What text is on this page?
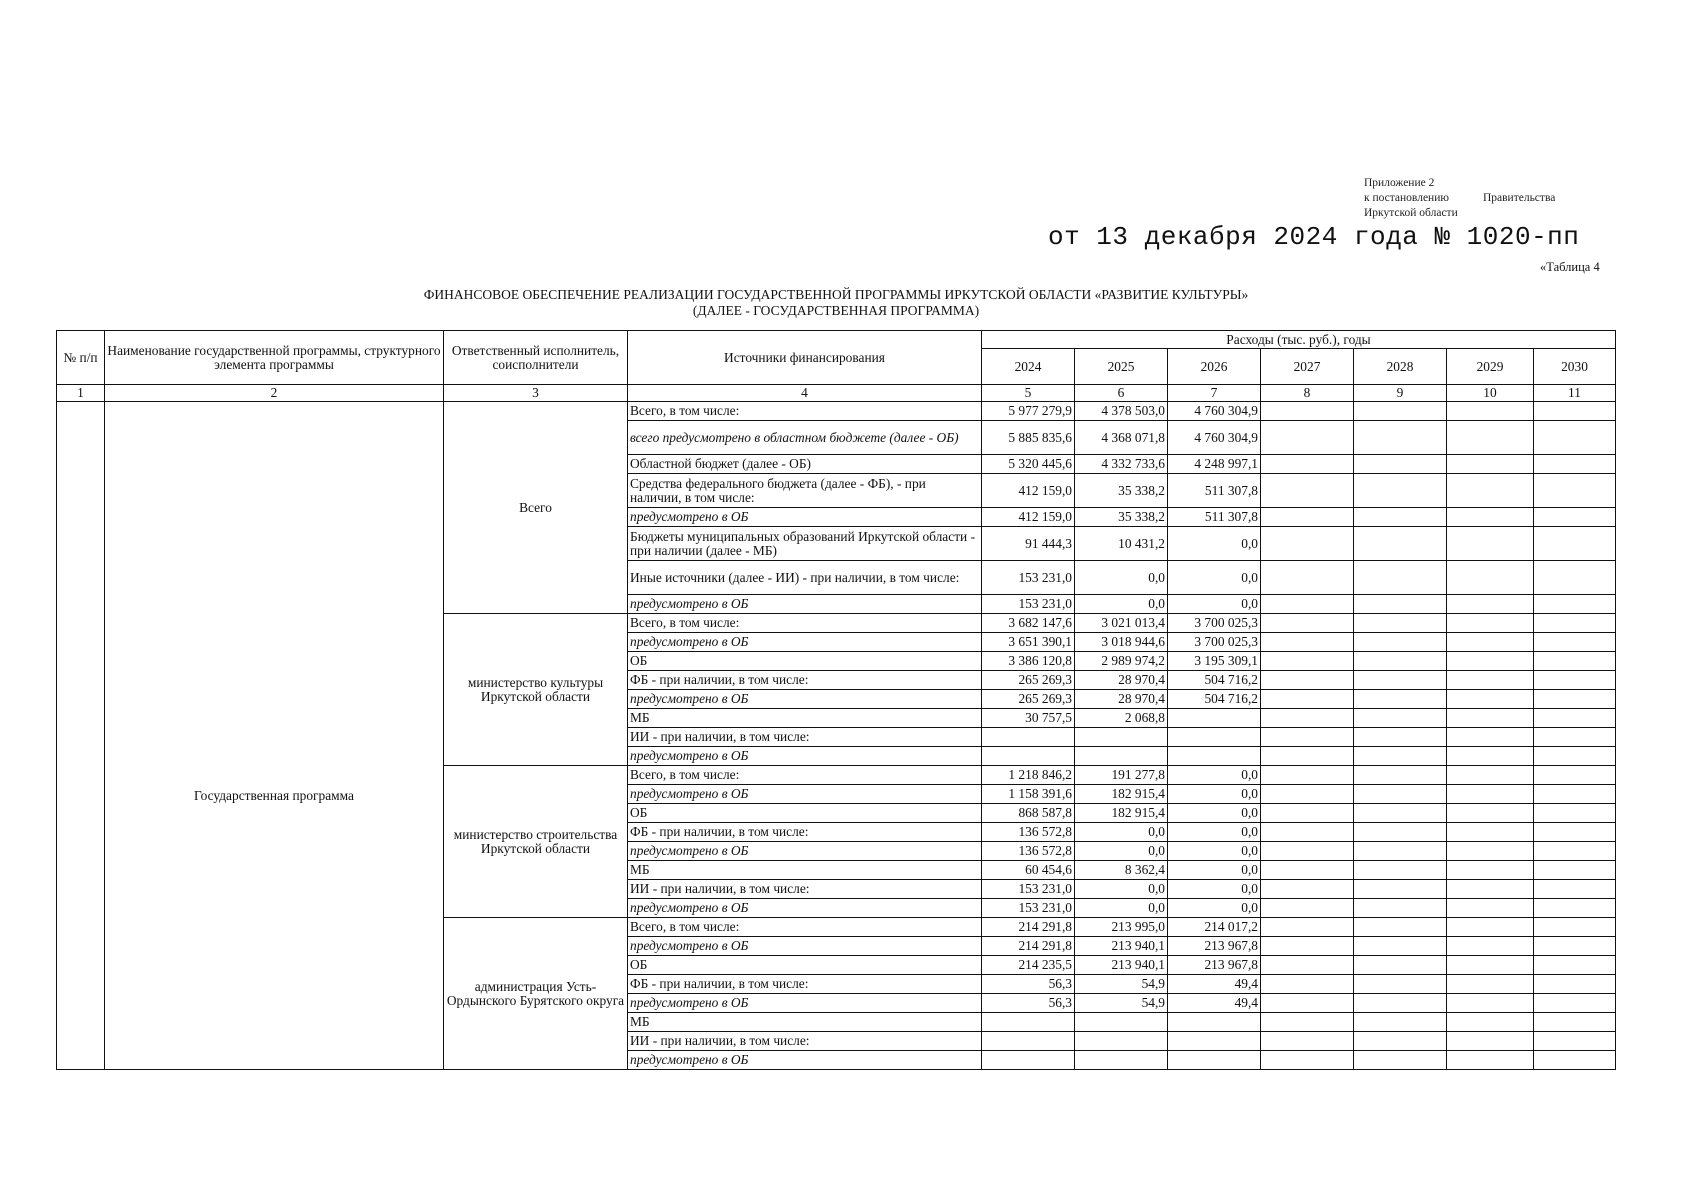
Приложение 2
к постановлению	Правительства
Иркутской области
от 13 декабря 2024 года № 1020-пп
«Таблица 4
ФИНАНСОВОЕ ОБЕСПЕЧЕНИЕ РЕАЛИЗАЦИИ ГОСУДАРСТВЕННОЙ ПРОГРАММЫ ИРКУТСКОЙ ОБЛАСТИ «РАЗВИТИЕ КУЛЬТУРЫ»
(ДАЛЕЕ - ГОСУДАРСТВЕННАЯ ПРОГРАММА)
№ п/п	Наименование государственной программы, структурного элемента программы	Ответственный исполнитель, соисполнители	Источники финансирования	Расходы (тыс. руб.), годы						
				2024	2025	2026	2027	2028	2029	2030
1	2	3	4	5	6	7	8	9	10	11
	Государственная программа	Всего	Всего, в том числе:	5 977 279,9	4 378 503,0	4 760 304,9				
			всего предусмотрено в областном бюджете (далее - ОБ)	5 885 835,6	4 368 071,8	4 760 304,9				
			Областной бюджет (далее - ОБ)	5 320 445,6	4 332 733,6	4 248 997,1				
			Средства федерального бюджета (далее - ФБ), - при наличии, в том числе:	412 159,0	35 338,2	511 307,8				
			предусмотрено в ОБ	412 159,0	35 338,2	511 307,8				
			Бюджеты муниципальных образований Иркутской области - при наличии (далее - МБ)	91 444,3	10 431,2	0,0				
			Иные источники (далее - ИИ) - при наличии, в том числе:	153 231,0	0,0	0,0				
			предусмотрено в ОБ	153 231,0	0,0	0,0				
		министерство культуры Иркутской области	Всего, в том числе:	3 682 147,6	3 021 013,4	3 700 025,3				
			предусмотрено в ОБ	3 651 390,1	3 018 944,6	3 700 025,3				
			ОБ	3 386 120,8	2 989 974,2	3 195 309,1				
			ФБ - при наличии, в том числе:	265 269,3	28 970,4	504 716,2				
			предусмотрено в ОБ	265 269,3	28 970,4	504 716,2				
			МБ	30 757,5	2 068,8					
			ИИ - при наличии, в том числе:							
			предусмотрено в ОБ							
		министерство строительства Иркутской области	Всего, в том числе:	1 218 846,2	191 277,8	0,0				
			предусмотрено в ОБ	1 158 391,6	182 915,4	0,0				
			ОБ	868 587,8	182 915,4	0,0				
			ФБ - при наличии, в том числе:	136 572,8	0,0	0,0				
			предусмотрено в ОБ	136 572,8	0,0	0,0				
			МБ	60 454,6	8 362,4	0,0				
			ИИ - при наличии, в том числе:	153 231,0	0,0	0,0				
			предусмотрено в ОБ	153 231,0	0,0	0,0				
		администрация Усть-Ордынского Бурятского округа	Всего, в том числе:	214 291,8	213 995,0	214 017,2				
			предусмотрено в ОБ	214 291,8	213 940,1	213 967,8				
			ОБ	214 235,5	213 940,1	213 967,8				
			ФБ - при наличии, в том числе:	56,3	54,9	49,4				
			предусмотрено в ОБ	56,3	54,9	49,4				
			МБ							
			ИИ - при наличии, в том числе:							
			предусмотрено в ОБ							
